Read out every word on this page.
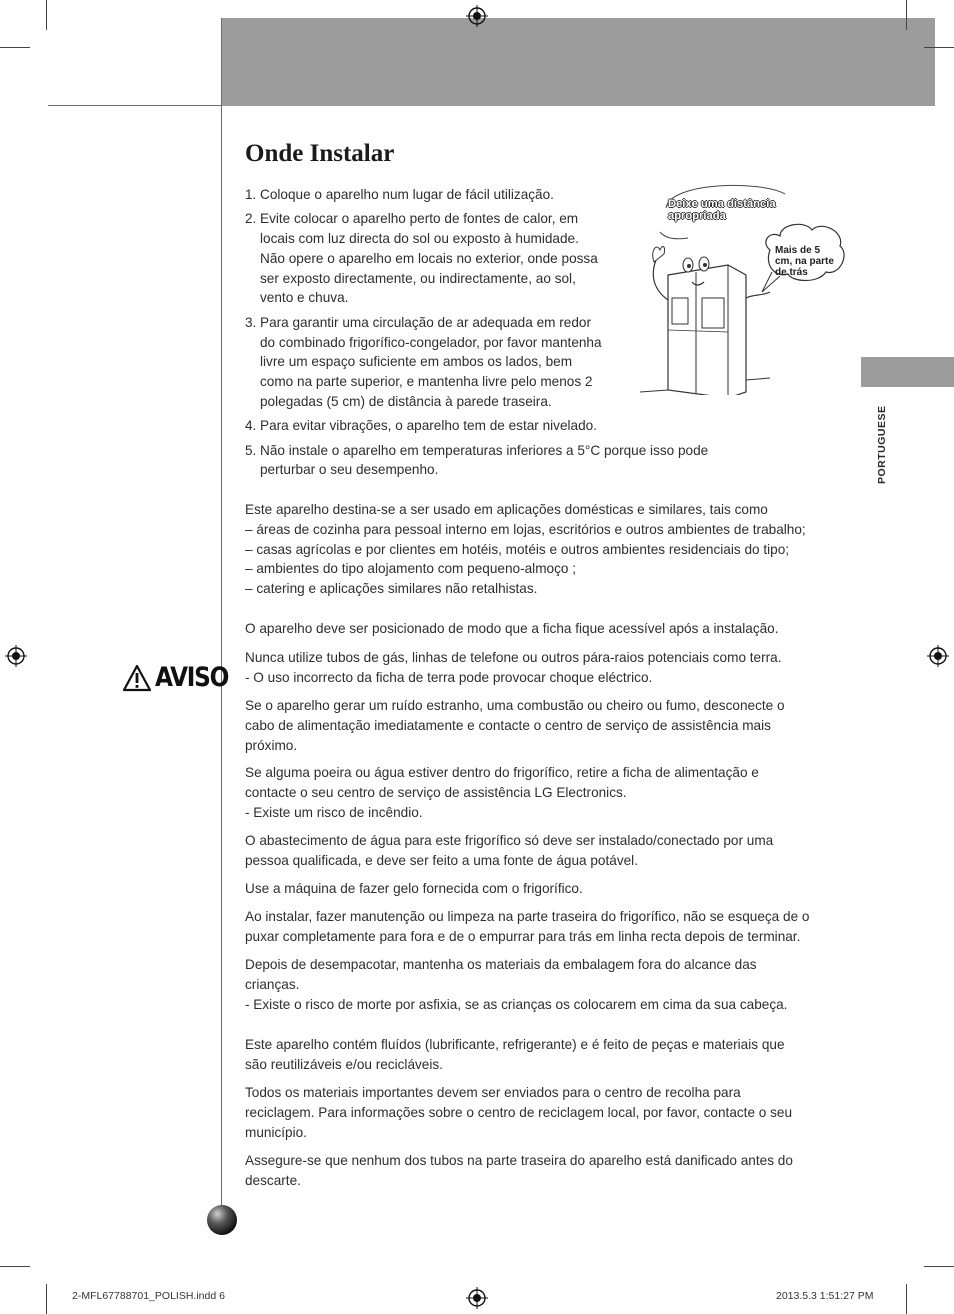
Onde Instalar
1. Coloque o aparelho num lugar de fácil utilização.
2. Evite colocar o aparelho perto de fontes de calor, em
locais com luz directa do sol ou exposto à humidade.
Não opere o aparelho em locais no exterior, onde possa
ser exposto directamente, ou indirectamente, ao sol,
vento e chuva.
3. Para garantir uma circulação de ar adequada em redor
do combinado frigorífico-congelador, por favor mantenha
livre um espaço suficiente em ambos os lados, bem
como na parte superior, e mantenha livre pelo menos 2
polegadas (5 cm) de distância à parede traseira.
4. Para evitar vibrações, o aparelho tem de estar nivelado.
5. Não instale o aparelho em temperaturas inferiores a 5°C porque isso pode
perturbar o seu desempenho.
Deixe uma distância
apropriada
Mais de 5
cm, na parte
de trás
PORTUGUESE
Este aparelho destina-se a ser usado em aplicações domésticas e similares, tais como
– áreas de cozinha para pessoal interno em lojas, escritórios e outros ambientes de trabalho;
– casas agrícolas e por clientes em hotéis, motéis e outros ambientes residenciais do tipo;
– ambientes do tipo alojamento com pequeno-almoço ;
– catering e aplicações similares não retalhistas.
AVISO
O aparelho deve ser posicionado de modo que a ficha fique acessível após a instalação.
Nunca utilize tubos de gás, linhas de telefone ou outros pára-raios potenciais como terra.
- O uso incorrecto da ficha de terra pode provocar choque eléctrico.
Se o aparelho gerar um ruído estranho, uma combustão ou cheiro ou fumo, desconecte o
cabo de alimentação imediatamente e contacte o centro de serviço de assistência mais
próximo.
Se alguma poeira ou água estiver dentro do frigorífico, retire a ficha de alimentação e
contacte o seu centro de serviço de assistência LG Electronics.
- Existe um risco de incêndio.
O abastecimento de água para este frigorífico só deve ser instalado/conectado por uma
pessoa qualificada, e deve ser feito a uma fonte de água potável.
Use a máquina de fazer gelo fornecida com o frigorífico.
Ao instalar, fazer manutenção ou limpeza na parte traseira do frigorífico, não se esqueça de o
puxar completamente para fora e de o empurrar para trás em linha recta depois de terminar.
Depois de desempacotar, mantenha os materiais da embalagem fora do alcance das
crianças.
- Existe o risco de morte por asfixia, se as crianças os colocarem em cima da sua cabeça.
Este aparelho contém fluídos (lubrificante, refrigerante) e é feito de peças e materiais que
são reutilizáveis e/ou recicláveis.
Todos os materiais importantes devem ser enviados para o centro de recolha para
reciclagem. Para informações sobre o centro de reciclagem local, por favor, contacte o seu
município.
Assegure-se que nenhum dos tubos na parte traseira do aparelho está danificado antes do
descarte.
2-MFL67788701_POLISH.indd 6	2013.5.3 1:51:27 PM
